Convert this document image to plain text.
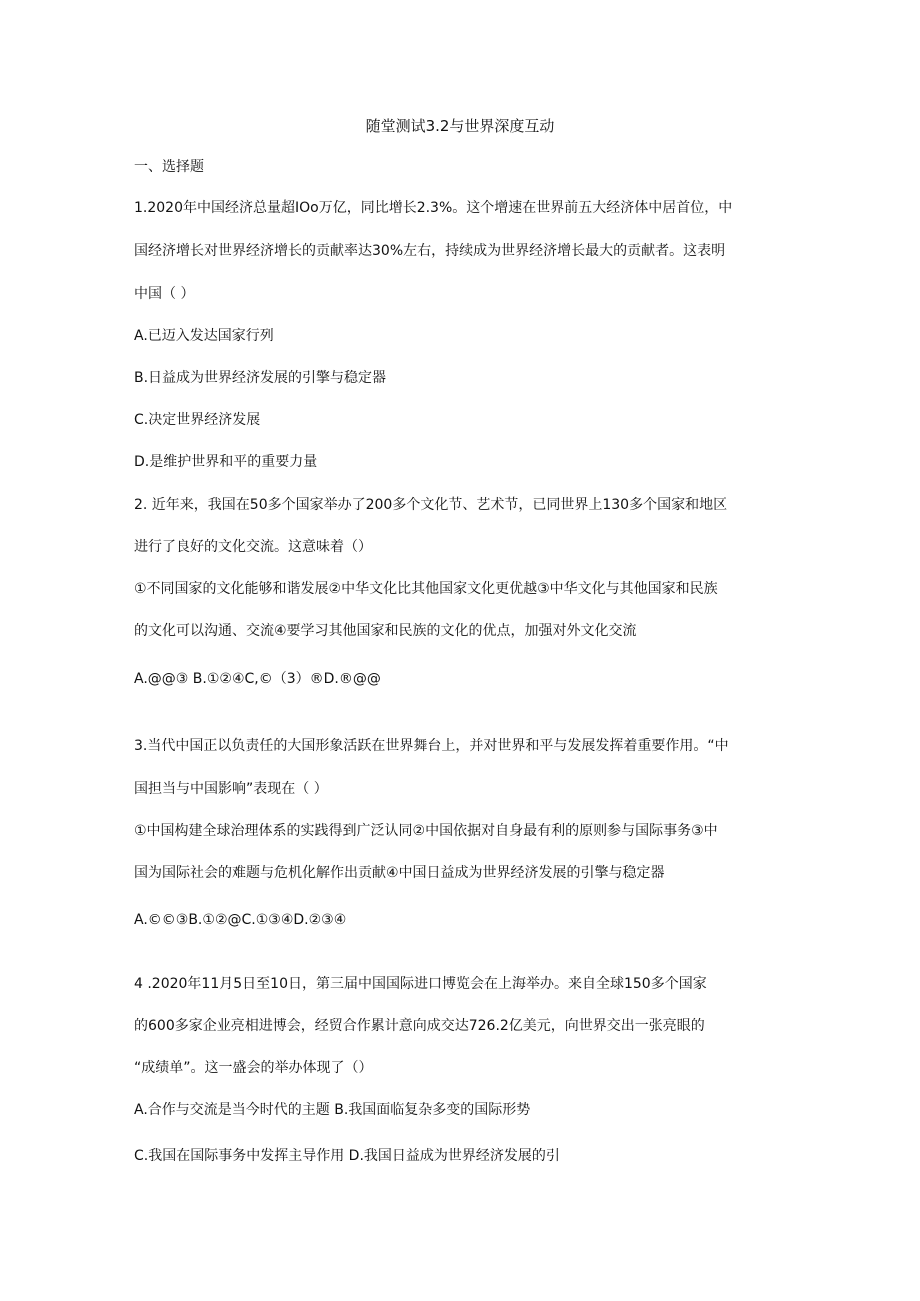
随堂测试3.2与世界深度互动
一、选择题
1.2020年中国经济总量超IOo万亿，同比增长2.3%。这个增速在世界前五大经济体中居首位，中
国经济增长对世界经济增长的贡献率达30%左右，持续成为世界经济增长最大的贡献者。这表明
中国（ ）
A.已迈入发达国家行列
B.日益成为世界经济发展的引擎与稳定器
C.决定世界经济发展
D.是维护世界和平的重要力量
2. 近年来，我国在50多个国家举办了200多个文化节、艺术节，已同世界上130多个国家和地区
进行了良好的文化交流。这意味着（）
①不同国家的文化能够和谐发展②中华文化比其他国家文化更优越③中华文化与其他国家和民族
的文化可以沟通、交流④要学习其他国家和民族的文化的优点，加强对外文化交流
A.@@③ B.①②④C,©（3）®D.®@@
3.当代中国正以负责任的大国形象活跃在世界舞台上，并对世界和平与发展发挥着重要作用。“中
国担当与中国影响”表现在（ ）
①中国构建全球治理体系的实践得到广泛认同②中国依据对自身最有利的原则参与国际事务③中
国为国际社会的难题与危机化解作出贡献④中国日益成为世界经济发展的引擎与稳定器
A.©©③B.①②@C.①③④D.②③④
4 .2020年11月5日至10日，第三届中国国际进口博览会在上海举办。来自全球150多个国家
的600多家企业亮相进博会，经贸合作累计意向成交达726.2亿美元，向世界交出一张亮眼的
“成绩单”。这一盛会的举办体现了（）
A.合作与交流是当今时代的主题 B.我国面临复杂多变的国际形势
C.我国在国际事务中发挥主导作用 D.我国日益成为世界经济发展的引
